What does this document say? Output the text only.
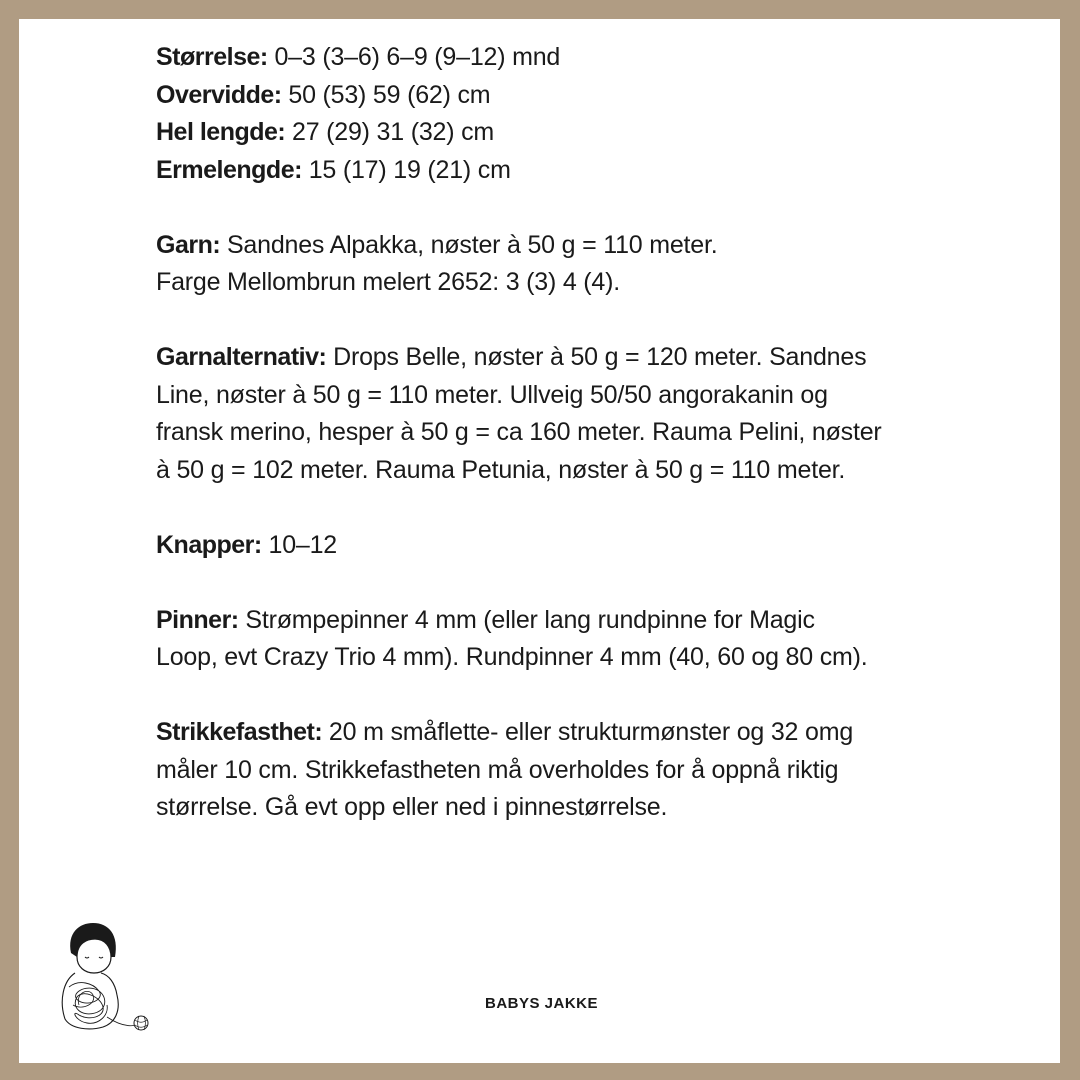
Størrelse: 0–3 (3–6) 6–9 (9–12) mnd
Overvidde: 50 (53) 59 (62) cm
Hel lengde: 27 (29) 31 (32) cm
Ermelengde: 15 (17) 19 (21) cm
Garn: Sandnes Alpakka, nøster à 50 g = 110 meter.
Farge Mellombrun melert 2652: 3 (3) 4 (4).
Garnalternativ: Drops Belle, nøster à 50 g = 120 meter. Sandnes
Line, nøster à 50 g = 110 meter. Ullveig 50/50 angorakanin og
fransk merino, hesper à 50 g = ca 160 meter. Rauma Pelini, nøster
à 50 g = 102 meter. Rauma Petunia, nøster à 50 g = 110 meter.
Knapper: 10–12
Pinner: Strømpepinner 4 mm (eller lang rundpinne for Magic
Loop, evt Crazy Trio 4 mm). Rundpinner 4 mm (40, 60 og 80 cm).
Strikkefasthet: 20 m småflette- eller strukturmønster og 32 omg
måler 10 cm. Strikkefastheten må overholdes for å oppnå riktig
størrelse. Gå evt opp eller ned i pinnestørrelse.
BABYS JAKKE
